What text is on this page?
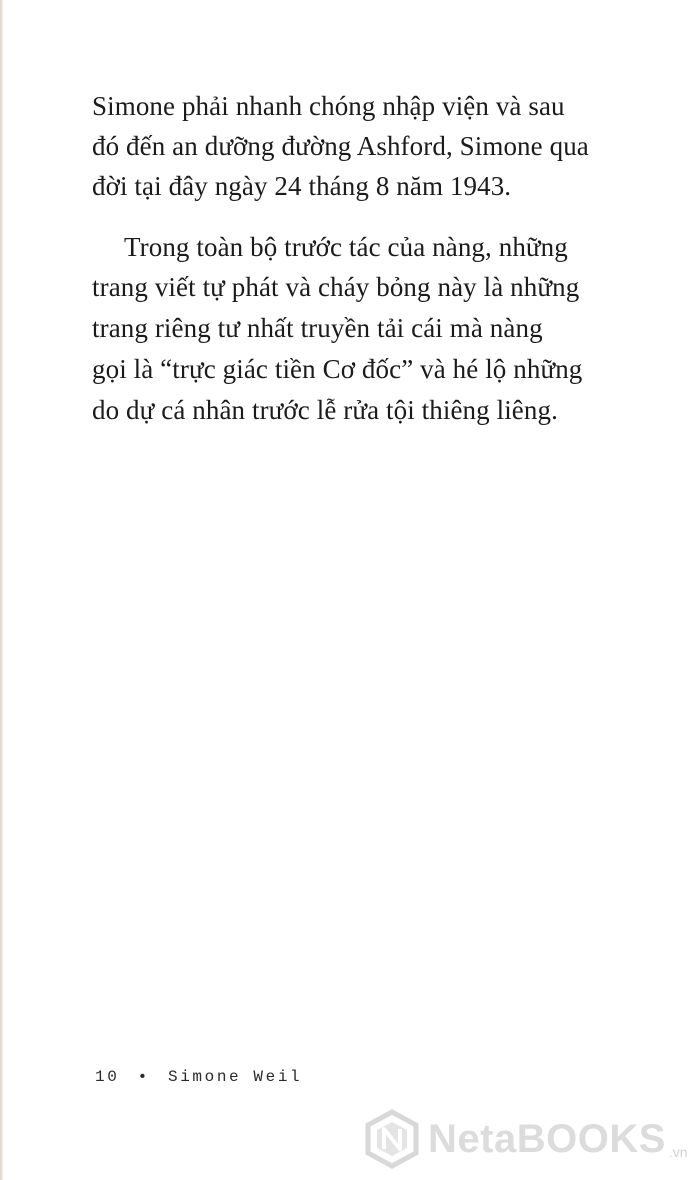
Simone phải nhanh chóng nhập viện và sau
đó đến an dưỡng đường Ashford, Simone qua
đời tại đây ngày 24 tháng 8 năm 1943.
Trong toàn bộ trước tác của nàng, những
trang viết tự phát và cháy bỏng này là những
trang riêng tư nhất truyền tải cái mà nàng
gọi là “trực giác tiền Cơ đốc” và hé lộ những
do dự cá nhân trước lễ rửa tội thiêng liêng.
10 • Simone Weil
NetaBOOKS .vn
